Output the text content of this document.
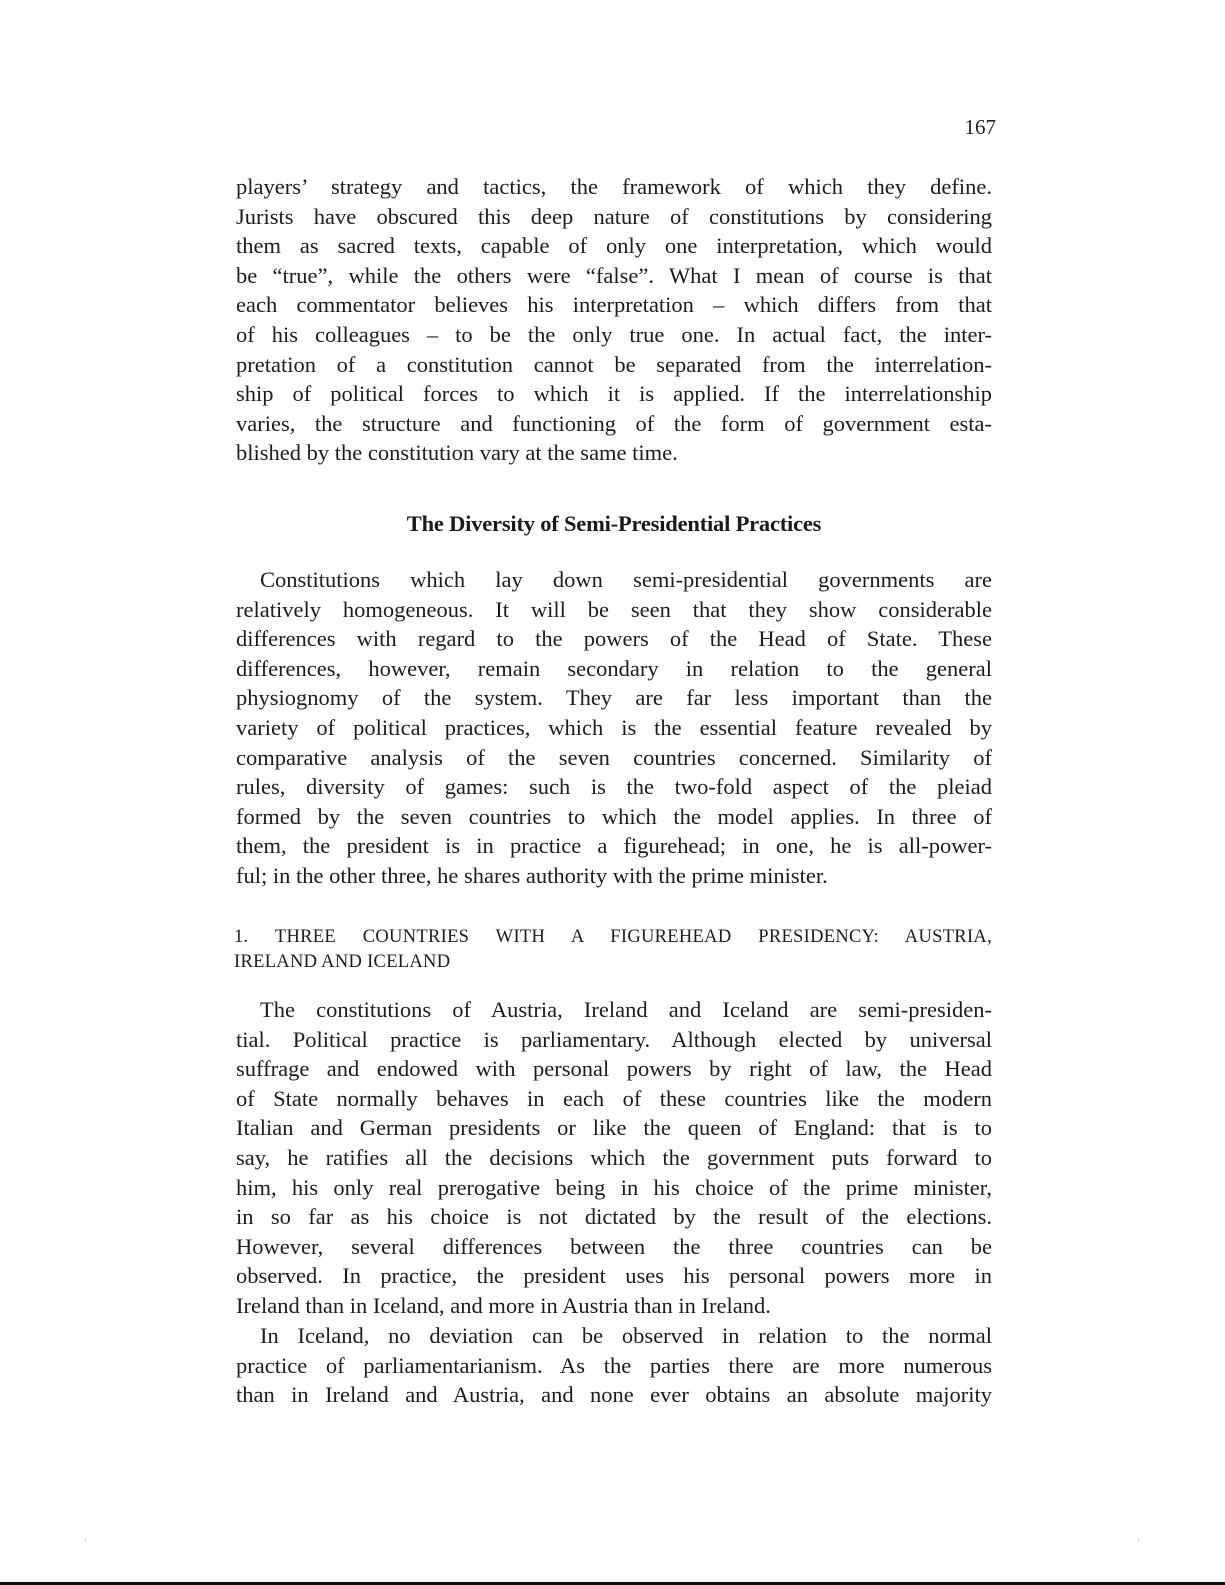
167
players’ strategy and tactics, the framework of which they define.
Jurists have obscured this deep nature of constitutions by considering
them as sacred texts, capable of only one interpretation, which would
be “true”, while the others were “false”. What I mean of course is that
each commentator believes his interpretation – which differs from that
of his colleagues – to be the only true one. In actual fact, the inter-
pretation of a constitution cannot be separated from the interrelation-
ship of political forces to which it is applied. If the interrelationship
varies, the structure and functioning of the form of government esta-
blished by the constitution vary at the same time.
The Diversity of Semi-Presidential Practices
Constitutions which lay down semi-presidential governments are
relatively homogeneous. It will be seen that they show considerable
differences with regard to the powers of the Head of State. These
differences, however, remain secondary in relation to the general
physiognomy of the system. They are far less important than the
variety of political practices, which is the essential feature revealed by
comparative analysis of the seven countries concerned. Similarity of
rules, diversity of games: such is the two-fold aspect of the pleiad
formed by the seven countries to which the model applies. In three of
them, the president is in practice a figurehead; in one, he is all-power-
ful; in the other three, he shares authority with the prime minister.
1. THREE COUNTRIES WITH A FIGUREHEAD PRESIDENCY: AUSTRIA,
IRELAND AND ICELAND
The constitutions of Austria, Ireland and Iceland are semi-presiden-
tial. Political practice is parliamentary. Although elected by universal
suffrage and endowed with personal powers by right of law, the Head
of State normally behaves in each of these countries like the modern
Italian and German presidents or like the queen of England: that is to
say, he ratifies all the decisions which the government puts forward to
him, his only real prerogative being in his choice of the prime minister,
in so far as his choice is not dictated by the result of the elections.
However, several differences between the three countries can be
observed. In practice, the president uses his personal powers more in
Ireland than in Iceland, and more in Austria than in Ireland.
In Iceland, no deviation can be observed in relation to the normal
practice of parliamentarianism. As the parties there are more numerous
than in Ireland and Austria, and none ever obtains an absolute majority
